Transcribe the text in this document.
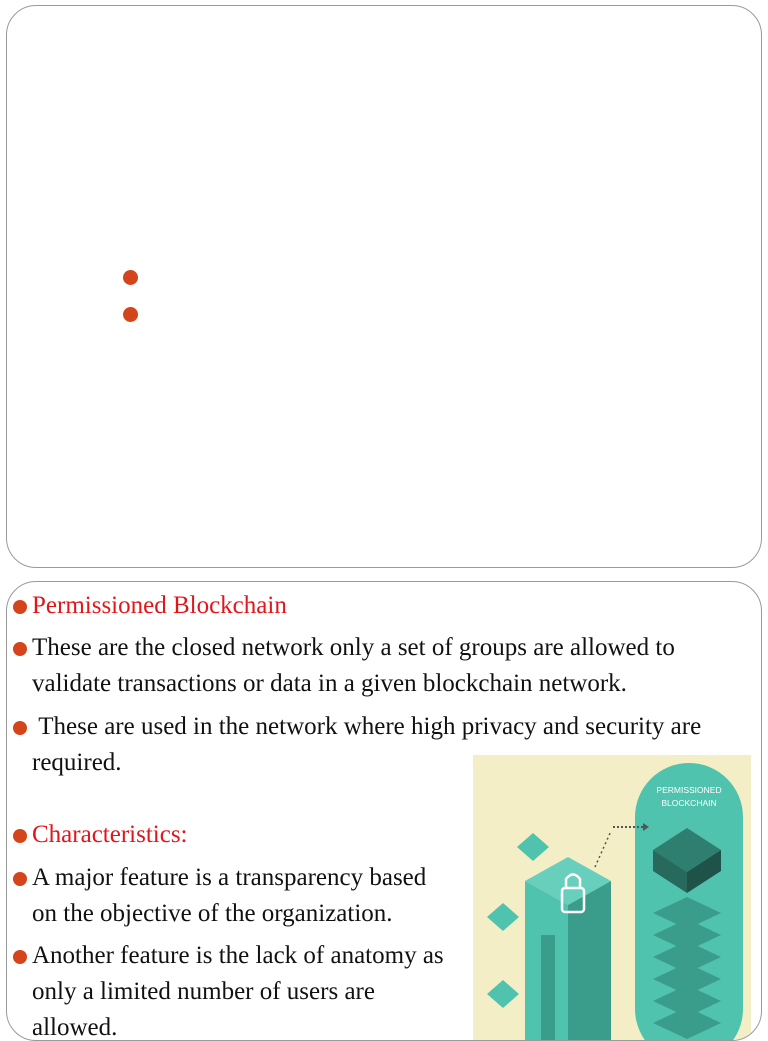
Permissioned Blockchain
These are the closed network only a set of groups are allowed to validate transactions or data in a given blockchain network.
These are used in the network where high privacy and security are required.
Characteristics:
A major feature is a transparency based on the objective of the organization.
Another feature is the lack of anatomy as only a limited number of users are allowed.
PERMISSIONED
BLOCKCHAIN
